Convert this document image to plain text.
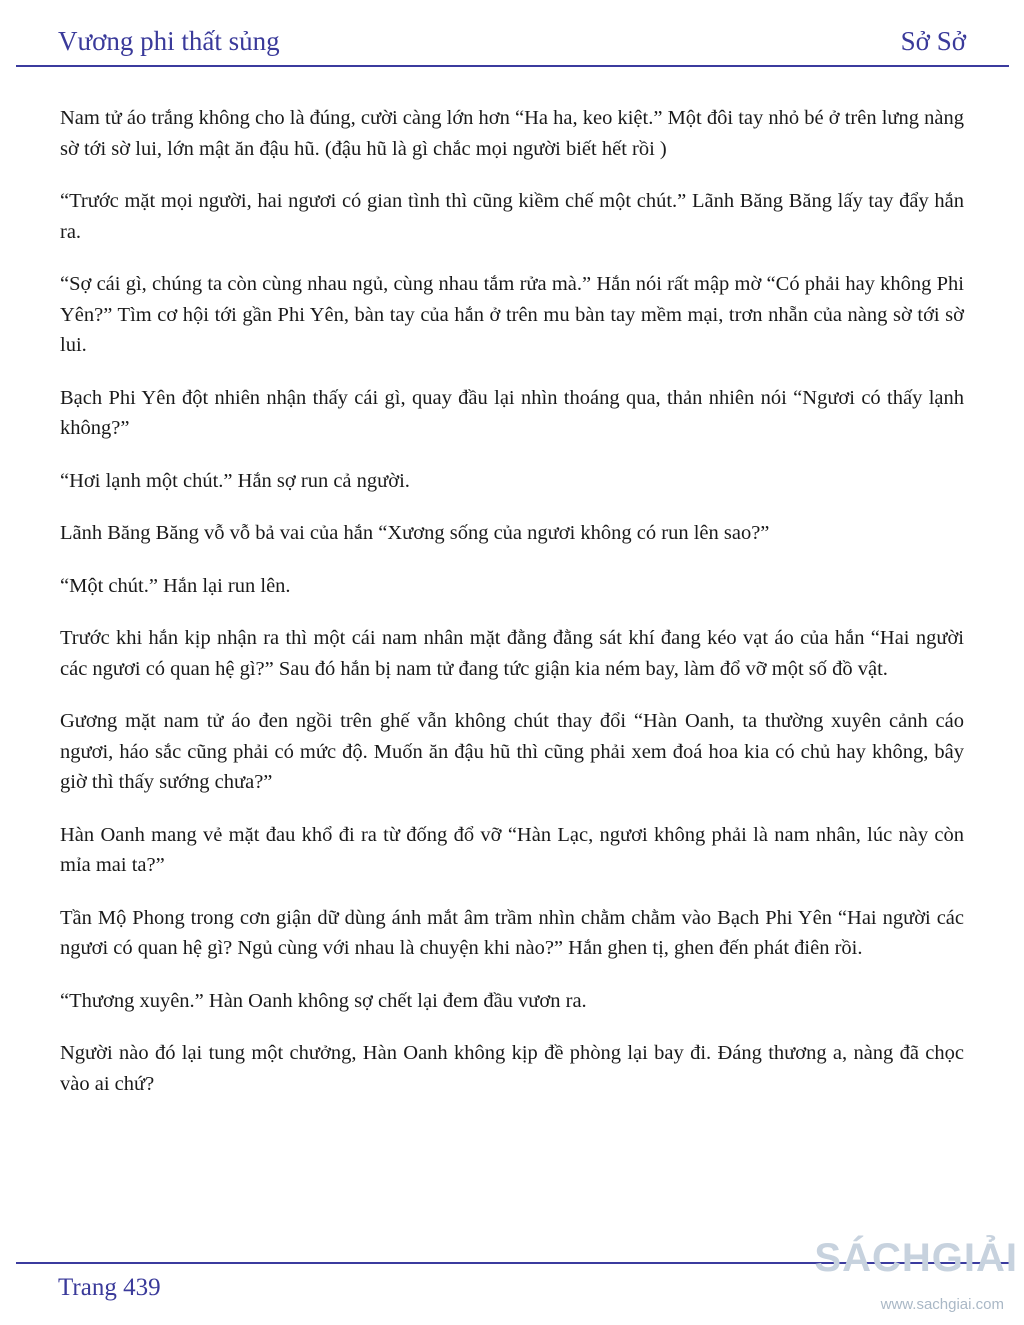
Vương phi thất sủng	Sở Sở

Nam tử áo trắng không cho là đúng, cười càng lớn hơn “Ha ha, keo kiệt.” Một đôi tay nhỏ bé ở trên lưng nàng sờ tới sờ lui, lớn mật ăn đậu hũ. (đậu hũ là gì chắc mọi người biết hết rồi )

“Trước mặt mọi người, hai ngươi có gian tình thì cũng kiềm chế một chút.” Lãnh Băng Băng lấy tay đẩy hắn ra.

“Sợ cái gì, chúng ta còn cùng nhau ngủ, cùng nhau tắm rửa mà.” Hắn nói rất mập mờ “Có phải hay không Phi Yên?” Tìm cơ hội tới gần Phi Yên, bàn tay của hắn ở trên mu bàn tay mềm mại, trơn nhẵn của nàng sờ tới sờ lui.

Bạch Phi Yên đột nhiên nhận thấy cái gì, quay đầu lại nhìn thoáng qua, thản nhiên nói “Ngươi có thấy lạnh không?”

“Hơi lạnh một chút.” Hắn sợ run cả người.

Lãnh Băng Băng vỗ vỗ bả vai của hắn “Xương sống của ngươi không có run lên sao?”

“Một chút.” Hắn lại run lên.

Trước khi hắn kịp nhận ra thì một cái nam nhân mặt đằng đằng sát khí đang kéo vạt áo của hắn “Hai người các ngươi có quan hệ gì?” Sau đó hắn bị nam tử đang tức giận kia ném bay, làm đổ vỡ một số đồ vật.

Gương mặt nam tử áo đen ngồi trên ghế vẫn không chút thay đổi “Hàn Oanh, ta thường xuyên cảnh cáo ngươi, háo sắc cũng phải có mức độ. Muốn ăn đậu hũ thì cũng phải xem đoá hoa kia có chủ hay không, bây giờ thì thấy sướng chưa?”

Hàn Oanh mang vẻ mặt đau khổ đi ra từ đống đổ vỡ “Hàn Lạc, ngươi không phải là nam nhân, lúc này còn mỉa mai ta?”

Tần Mộ Phong trong cơn giận dữ dùng ánh mắt âm trầm nhìn chằm chằm vào Bạch Phi Yên “Hai người các ngươi có quan hệ gì? Ngủ cùng với nhau là chuyện khi nào?” Hắn ghen tị, ghen đến phát điên rồi.

“Thương xuyên.” Hàn Oanh không sợ chết lại đem đầu vươn ra.

Người nào đó lại tung một chưởng, Hàn Oanh không kịp đề phòng lại bay đi. Đáng thương a, nàng đã chọc vào ai chứ?

Trang 439
SÁCHGIẢI
www.sachgiai.com
